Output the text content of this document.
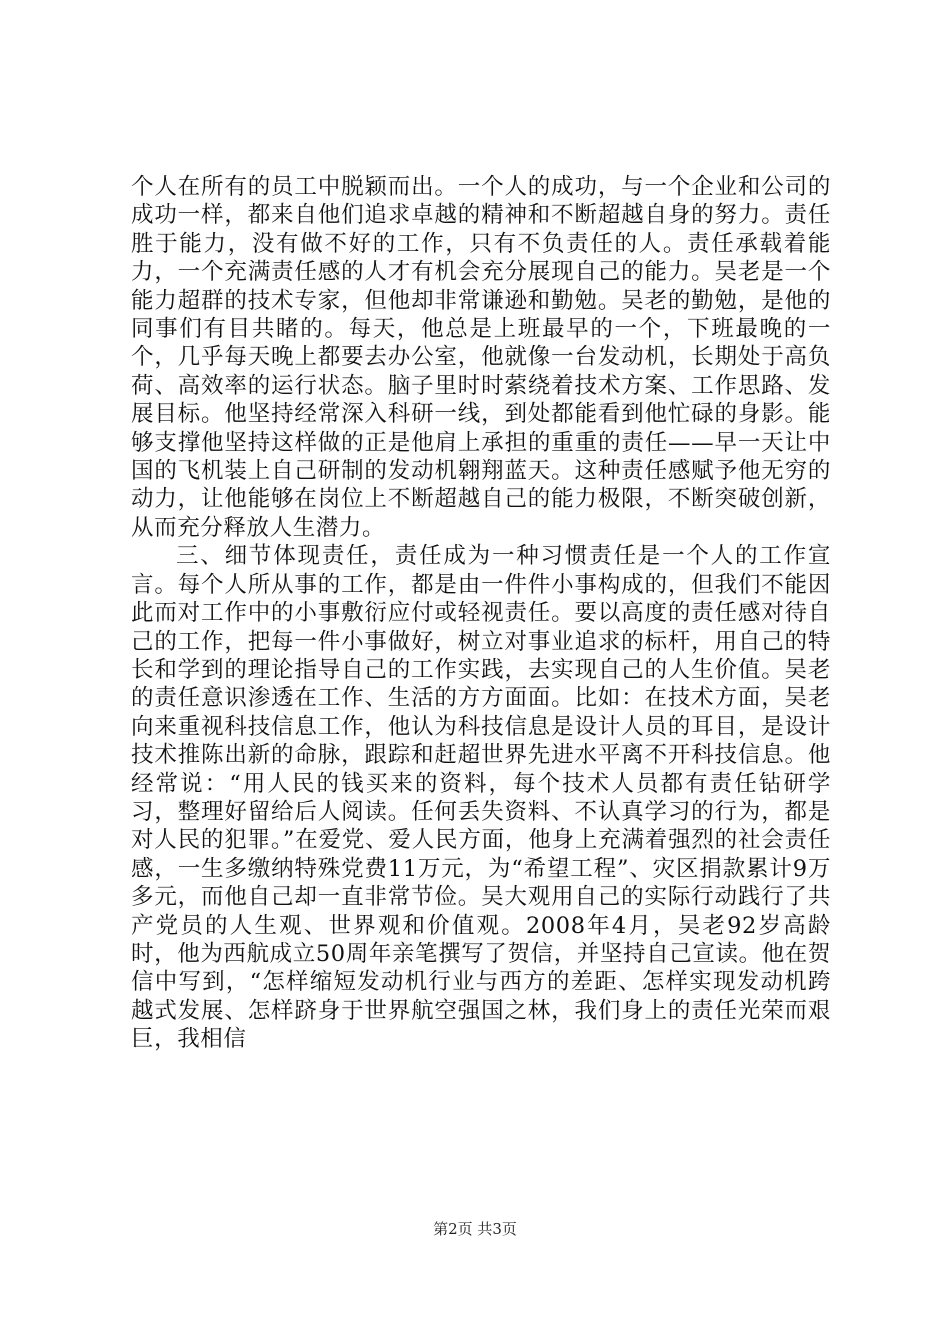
个人在所有的员工中脱颖而出。一个人的成功，与一个企业和公司的成功一样，都来自他们追求卓越的精神和不断超越自身的努力。责任胜于能力，没有做不好的工作，只有不负责任的人。责任承载着能力，一个充满责任感的人才有机会充分展现自己的能力。吴老是一个能力超群的技术专家，但他却非常谦逊和勤勉。吴老的勤勉，是他的同事们有目共睹的。每天，他总是上班最早的一个，下班最晚的一个，几乎每天晚上都要去办公室，他就像一台发动机，长期处于高负荷、高效率的运行状态。脑子里时时萦绕着技术方案、工作思路、发展目标。他坚持经常深入科研一线，到处都能看到他忙碌的身影。能够支撑他坚持这样做的正是他肩上承担的重重的责任——早一天让中国的飞机装上自己研制的发动机翱翔蓝天。这种责任感赋予他无穷的动力，让他能够在岗位上不断超越自己的能力极限，不断突破创新，从而充分释放人生潜力。

三、细节体现责任，责任成为一种习惯责任是一个人的工作宣言。每个人所从事的工作，都是由一件件小事构成的，但我们不能因此而对工作中的小事敷衍应付或轻视责任。要以高度的责任感对待自己的工作，把每一件小事做好，树立对事业追求的标杆，用自己的特长和学到的理论指导自己的工作实践，去实现自己的人生价值。吴老的责任意识渗透在工作、生活的方方面面。比如：在技术方面，吴老向来重视科技信息工作，他认为科技信息是设计人员的耳目，是设计技术推陈出新的命脉，跟踪和赶超世界先进水平离不开科技信息。他经常说：“用人民的钱买来的资料，每个技术人员都有责任钻研学习，整理好留给后人阅读。任何丢失资料、不认真学习的行为，都是对人民的犯罪。”在爱党、爱人民方面，他身上充满着强烈的社会责任感，一生多缴纳特殊党费11万元，为“希望工程”、灾区捐款累计9万多元，而他自己却一直非常节俭。吴大观用自己的实际行动践行了共产党员的人生观、世界观和价值观。2008年4月，吴老92岁高龄时，他为西航成立50周年亲笔撰写了贺信，并坚持自己宣读。他在贺信中写到，“怎样缩短发动机行业与西方的差距、怎样实现发动机跨越式发展、怎样跻身于世界航空强国之林，我们身上的责任光荣而艰巨，我相信

第2页 共3页
